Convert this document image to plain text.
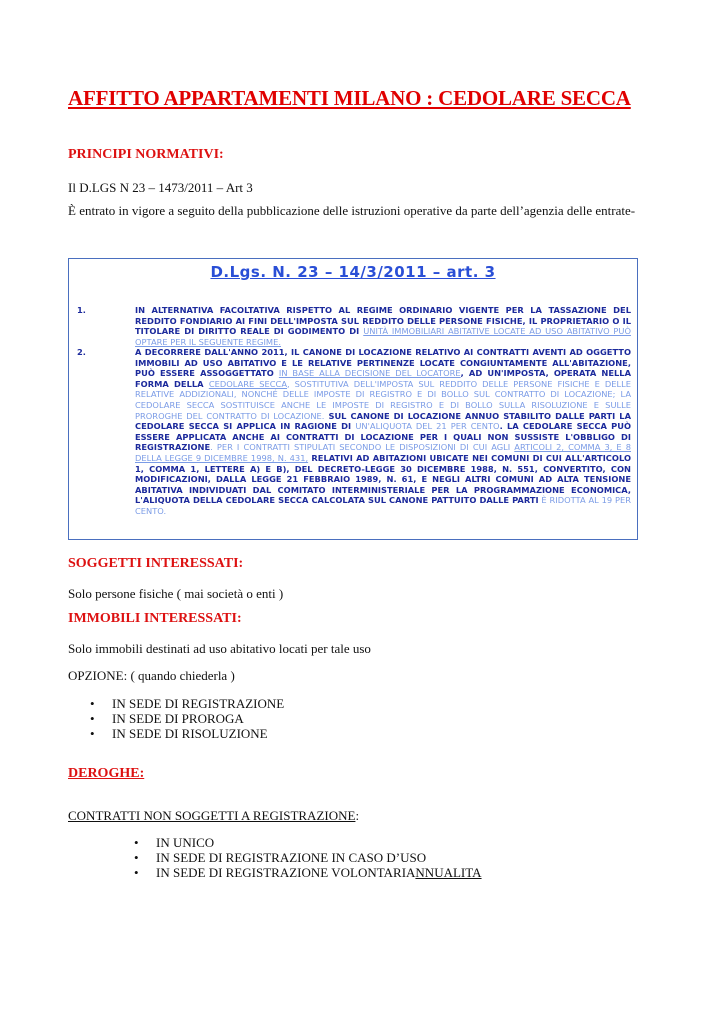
AFFITTO APPARTAMENTI MILANO : CEDOLARE SECCA
PRINCIPI NORMATIVI:
Il D.LGS N 23 – 1473/2011 – Art 3
È entrato in vigore a seguito della pubblicazione delle istruzioni operative da parte dell’agenzia delle entrate-
D.Lgs. N. 23 – 14/3/2011 – art. 3
1.	IN ALTERNATIVA FACOLTATIVA RISPETTO AL REGIME ORDINARIO VIGENTE PER LA TASSAZIONE DEL REDDITO FONDIARIO AI FINI DELL'IMPOSTA SUL REDDITO DELLE PERSONE FISICHE, IL PROPRIETARIO O IL TITOLARE DI DIRITTO REALE DI GODIMENTO DI UNITÀ IMMOBILIARI ABITATIVE LOCATE AD USO ABITATIVO PUÒ OPTARE PER IL SEGUENTE REGIME.
2.	A DECORRERE DALL'ANNO 2011, IL CANONE DI LOCAZIONE RELATIVO AI CONTRATTI AVENTI AD OGGETTO IMMOBILI AD USO ABITATIVO E LE RELATIVE PERTINENZE LOCATE CONGIUNTAMENTE ALL'ABITAZIONE, PUÒ ESSERE ASSOGGETTATO IN BASE ALLA DECISIONE DEL LOCATORE, AD UN'IMPOSTA, OPERATA NELLA FORMA DELLA CEDOLARE SECCA, SOSTITUTIVA DELL'IMPOSTA SUL REDDITO DELLE PERSONE FISICHE E DELLE RELATIVE ADDIZIONALI, NONCHÉ DELLE IMPOSTE DI REGISTRO E DI BOLLO SUL CONTRATTO DI LOCAZIONE; LA CEDOLARE SECCA SOSTITUISCE ANCHE LE IMPOSTE DI REGISTRO E DI BOLLO SULLA RISOLUZIONE E SULLE PROROGHE DEL CONTRATTO DI LOCAZIONE. SUL CANONE DI LOCAZIONE ANNUO STABILITO DALLE PARTI LA CEDOLARE SECCA SI APPLICA IN RAGIONE DI UN'ALIQUOTA DEL 21 PER CENTO. LA CEDOLARE SECCA PUÒ ESSERE APPLICATA ANCHE AI CONTRATTI DI LOCAZIONE PER I QUALI NON SUSSISTE L'OBBLIGO DI REGISTRAZIONE. PER I CONTRATTI STIPULATI SECONDO LE DISPOSIZIONI DI CUI AGLI ARTICOLI 2, COMMA 3, E 8 DELLA LEGGE 9 DICEMBRE 1998, N. 431, RELATIVI AD ABITAZIONI UBICATE NEI COMUNI DI CUI ALL'ARTICOLO 1, COMMA 1, LETTERE A) E B), DEL DECRETO-LEGGE 30 DICEMBRE 1988, N. 551, CONVERTITO, CON MODIFICAZIONI, DALLA LEGGE 21 FEBBRAIO 1989, N. 61, E NEGLI ALTRI COMUNI AD ALTA TENSIONE ABITATIVA INDIVIDUATI DAL COMITATO INTERMINISTERIALE PER LA PROGRAMMAZIONE ECONOMICA, L'ALIQUOTA DELLA CEDOLARE SECCA CALCOLATA SUL CANONE PATTUITO DALLE PARTI È RIDOTTA AL 19 PER CENTO.
SOGGETTI INTERESSATI:
Solo persone fisiche ( mai società o enti )
IMMOBILI INTERESSATI:
Solo immobili destinati ad uso abitativo locati per tale uso
OPZIONE: ( quando chiederla )
• IN SEDE DI REGISTRAZIONE
• IN SEDE DI PROROGA
• IN SEDE DI RISOLUZIONE
DEROGHE:
CONTRATTI NON SOGGETTI A REGISTRAZIONE:
• IN UNICO
• IN SEDE DI REGISTRAZIONE IN CASO D’USO
• IN SEDE DI REGISTRAZIONE VOLONTARIANNUALITA
